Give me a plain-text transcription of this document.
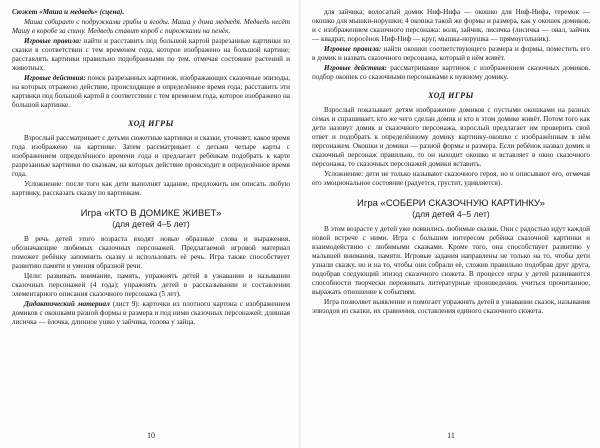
Сюжет «Маша и медведь» (сцена).

Маша собирает с подружками грибы и ягоды. Маша у дома медведя. Медведь несёт Машу в коробе за спину. Медведь ставит короб с пирожками на пенёк.

Игровые правила: найти и расставить под большой картой разрезанные картинки из сказки в соответствии с тем временем года, которое изображено на большой картине; расставлять картинки правильно подобранными по тем, отмечая состояние растений и животных.

Игровые действия: поиск разрезанных картинок, изображающих сказочные эпизоды, на которых отражено действие, происходящее в определённое время года; расставить эти картинки под большой картой в соответствии с тем временем года, которое изображено на большой картинке.

ХОД ИГРЫ

Взрослый рассматривает с детьми сюжетные картинки и сказки, уточняет, какое время года изображено на картинке. Затем рассматривает с детьми четыре карты с изображением определённого времени года и предлагает ребёнкам подобрать к карте разрезанные картинки по сказкам, на которых действие происходит в определённое время года.

Усложнение: после того как дети выполнят задание, предложить им описать любую картинку, рассказать сказку по картинкам.

Игра «КТО В ДОМИКЕ ЖИВЕТ»
(для детей 4–5 лет)

В речь детей этого возраста входят новые образные слова и выражения, обозначающие любимых сказочных персонажей. Предлагаемой игровой материал поможет ребёнку запомнить сказку и использовать её речь. Игра также способствует развитию памяти и умения образной речи.

Цели: развивать внимание, память, упражнять детей в узнавании и назывании сказочных персонажей (4 года); упражнять детей в рассказывании и составлении элементарного описания сказочного персонажа (5 лет).

Дидактический материал (лист 9): карточки из плотного картона с изображением домиков с окошками разной формы и размера и под ними сказочных персонажей: длинная лисичка — ёлочка, длинное ушко у зайчика, голова у зайца.

10

для зайчика; волосатый домик Ниф-Нифа — окошко для Ниф-Нифа, теремок — окошко для мышки-норушки; 4 окошка такой же формы и размера, как у окошек домиков, и с изображением сказочного персонажа: волк, зайчик, лисичка (лисичка — овал, зайчик — квадрат, поросёнок Ниф-Ниф — круг, мышка-норушка — прямоугольник).

Игровые правила: найти окошки соответствующего размера и формы, поместить его в домик и назвать сказочного персонажа, который в нём живёт.

Игровые действия: рассматривание картинок с изображением сказочных домиков, подбор окошек со сказочными персонажами к нужному домику.

ХОД ИГРЫ

Взрослый показывает детям изображение домиков с пустыми окошками на разных семах и спрашивает, кто же чего сделан домик и кто в этом домике живёт. Потом того как дети назовут домик и сказочного персонажа, взрослый предлагает им проверить свой ответ и подобрать к определённому домику картинку-окошко с изображённым в нём персонажем. Окошки и домики — разной формы и размера. Если ребёнок назвал домик и сказочный персонаж правильно, то он находит окошко и вставляет в окно сказочного персонажа, то сказочных персонажей домики вставить.

Усложнение: дети не только называют сказочного героя, но и описывают его, отмечая его эмоциональное состояние (радуется, грустит, удивляется).

Игра «СОБЕРИ СКАЗОЧНУЮ КАРТИНКУ»
(для детей 4–5 лет)

В этом возрасте у детей уже появились любимые сказки. Они с радостью идут каждой новой встрече с ними. Игра с большим интересом ребёнка сказочной картинки и взаимодействию с любимыми сказками. Кроме того, она способствует развитию у малышей внимания, памяти. Игровые задания направлены не только на то, чтобы дети узнали сказку, но и на то, чтобы они собрали её, сложив правильно подобрав друг друга, подобрав следующий эпизод сказочного сюжета. В процессе игры у детей развиваются способности творчески переживать литературные произведения, учиться прочитанное, выражать отношение к событиям.

Игра позволяет выявление и помогает упражнять детей в узнавании сказок, называния эпизодов из сказки, их сравнения, составления единого сказочного сюжета.

11
